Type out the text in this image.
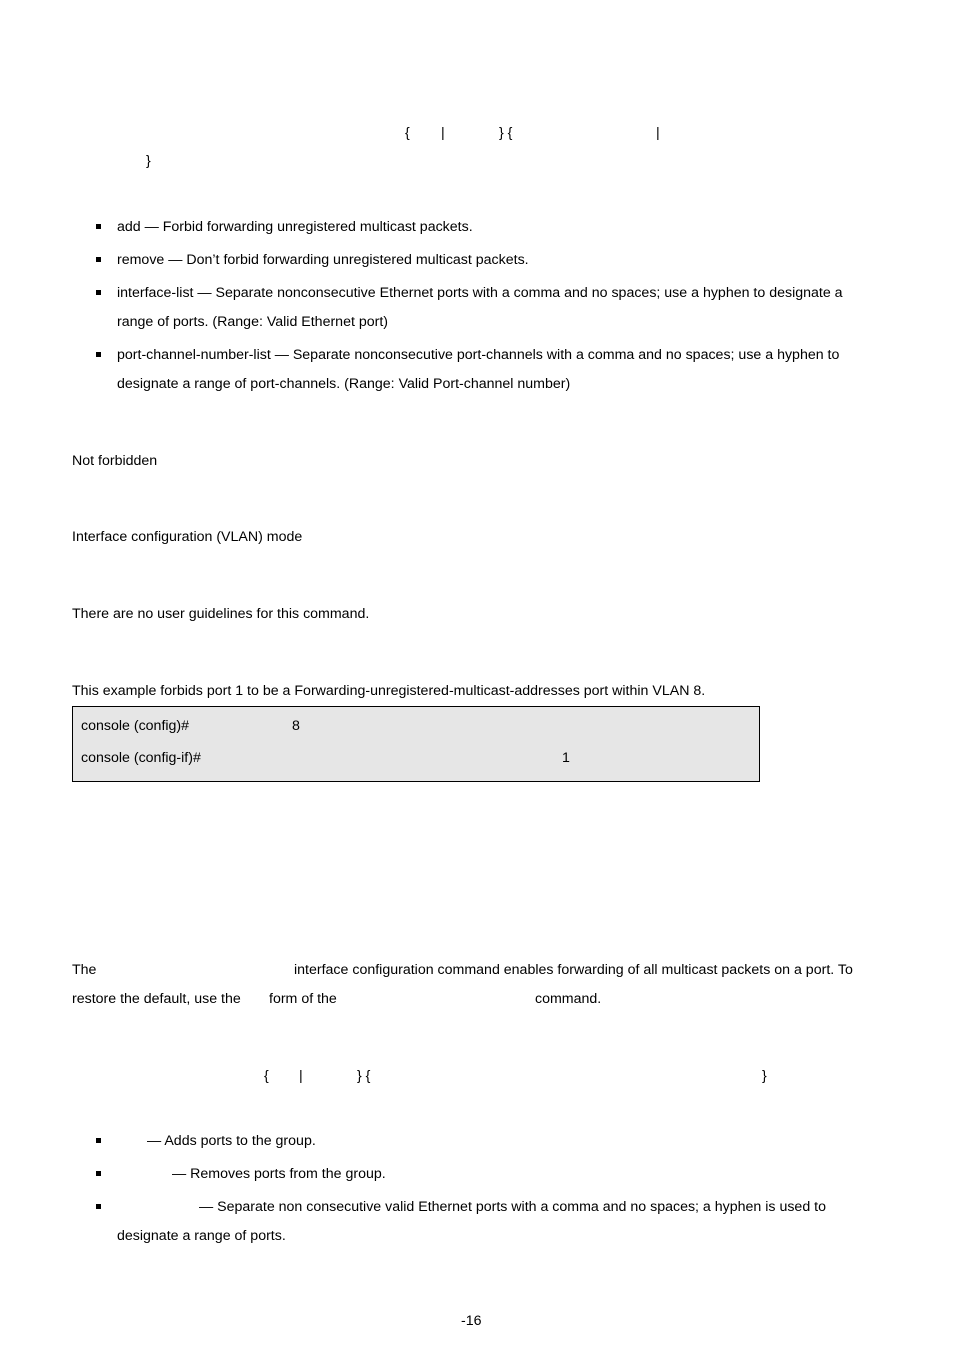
{ |	} {	|
}
add — Forbid forwarding unregistered multicast packets.
remove — Don’t forbid forwarding unregistered multicast packets.
interface-list — Separate nonconsecutive Ethernet ports with a comma and no spaces; use a hyphen to designate a
range of ports. (Range: Valid Ethernet port)
port-channel-number-list — Separate nonconsecutive port-channels with a comma and no spaces; use a hyphen to
designate a range of port-channels. (Range: Valid Port-channel number)
Not forbidden
Interface configuration (VLAN) mode
There are no user guidelines for this command.
This example forbids port 1 to be a Forwarding-unregistered-multicast-addresses port within VLAN 8.
console (config)#	8
console (config-if)#	1
The	interface configuration command enables forwarding of all multicast packets on a port. To
restore the default, use the form of the	command.
{ |	} {	}
— Adds ports to the group.
— Removes ports from the group.
— Separate non consecutive valid Ethernet ports with a comma and no spaces; a hyphen is used to
designate a range of ports.
-16
